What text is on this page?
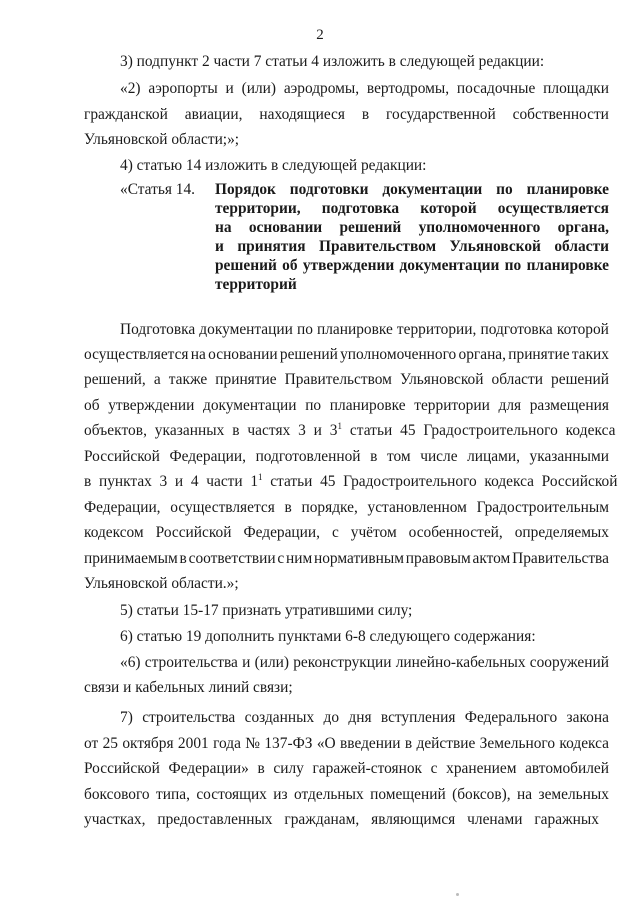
2
3) подпункт 2 части 7 статьи 4 изложить в следующей редакции:
«2) аэропорты и (или) аэродромы, вертодромы, посадочные площадки
гражданской авиации, находящиеся в государственной собственности
Ульяновской области;»;
4) статью 14 изложить в следующей редакции:
«Статья 14. Порядок подготовки документации по планировке
территории, подготовка которой осуществляется
на основании решений уполномоченного органа,
и принятия Правительством Ульяновской области
решений об утверждении документации по планировке
территорий
Подготовка документации по планировке территории, подготовка которой
осуществляется на основании решений уполномоченного органа, принятие таких
решений, а также принятие Правительством Ульяновской области решений
об утверждении документации по планировке территории для размещения
объектов,  указанных  в  частях  3  и  $3^1$  статьи  45  Градостроительного  кодекса
Российской Федерации, подготовленной в том числе лицами, указанными
в  пунктах  3  и  4  части  $1^1$  статьи  45  Градостроительного  кодекса  Российской
Федерации, осуществляется в порядке, установленном Градостроительным
кодексом Российской Федерации, с учётом особенностей, определяемых
принимаемым в соответствии с ним нормативным правовым актом Правительства
Ульяновской области.»;
5) статьи 15-17 признать утратившими силу;
6) статью 19 дополнить пунктами 6-8 следующего содержания:
«6) строительства и (или) реконструкции линейно-кабельных сооружений
связи и кабельных линий связи;
7) строительства созданных до дня вступления Федерального закона
от 25 октября 2001 года № 137-ФЗ «О введении в действие Земельного кодекса
Российской Федерации» в силу гаражей-стоянок с хранением автомобилей
боксового типа, состоящих из отдельных помещений (боксов), на земельных
участках, предоставленных гражданам, являющимся членами гаражных
